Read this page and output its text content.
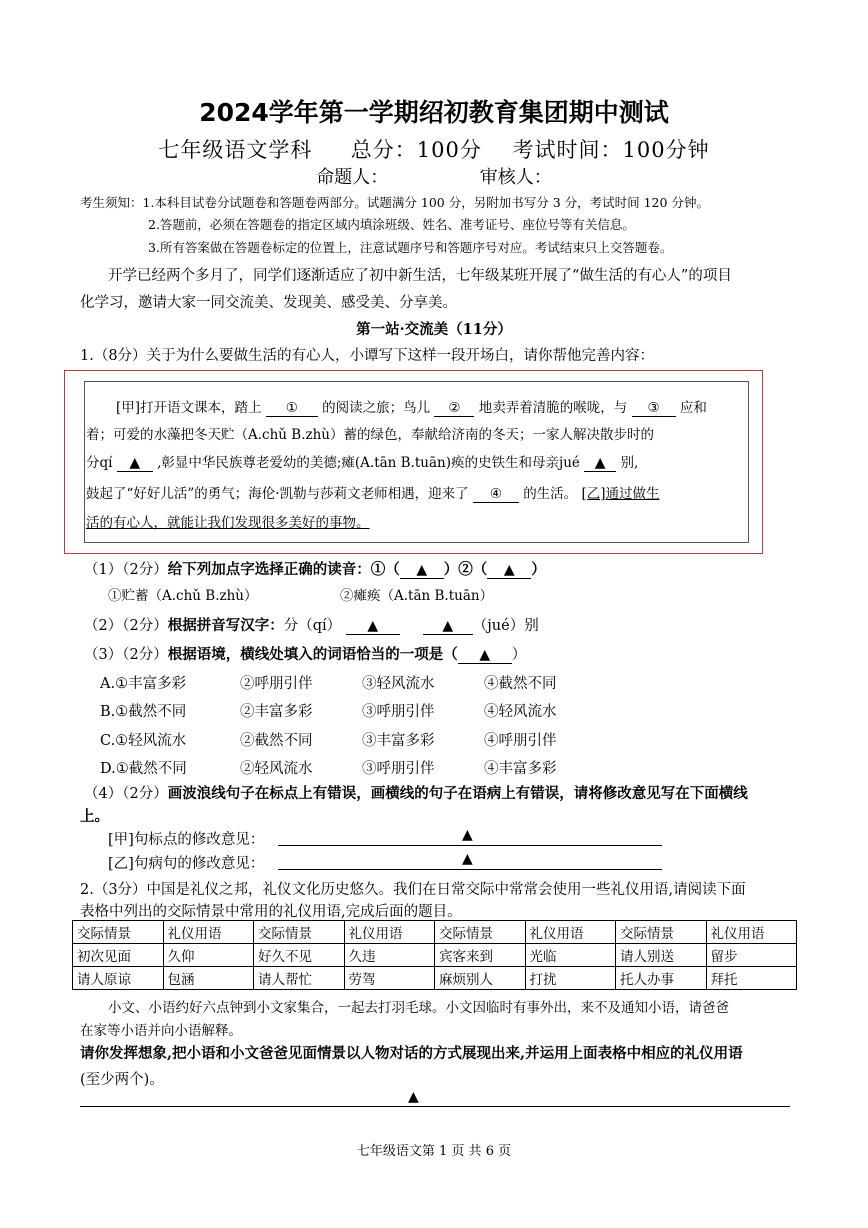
2024学年第一学期绍初教育集团期中测试
七年级语文学科     总分：100分    考试时间：100分钟
命题人：                审核人：
考生须知：1.本科目试卷分试题卷和答题卷两部分。试题满分 100 分，另附加书写分 3 分，考试时间 120 分钟。
2.答题前，必须在答题卷的指定区域内填涂班级、姓名、准考证号、座位号等有关信息。
3.所有答案做在答题卷标定的位置上，注意试题序号和答题序号对应。考试结束只上交答题卷。
开学已经两个多月了，同学们逐渐适应了初中新生活，七年级某班开展了“做生活的有心人”的项目
化学习，邀请大家一同交流美、发现美、感受美、分享美。
第一站·交流美（11分）
1.（8分）关于为什么要做生活的有心人，小谭写下这样一段开场白，请你帮他完善内容：
[甲]打开语文课本，踏上 ① 的阅读之旅；鸟儿 ② 地卖弄着清脆的喉咙，与 ③ 应和
着；可爱的水藻把冬天贮（A.chǔ B.zhù）蓄的绿色，奉献给济南的冬天；一家人解决散步时的
分qí ▲ ,彰显中华民族尊老爱幼的美德;瘫(A.tān B.tuān)痪的史铁生和母亲jué ▲ 别,
鼓起了“好好儿活”的勇气；海伦·凯勒与莎莉文老师相遇，迎来了 ④ 的生活。 [乙]通过做生
活的有心人，就能让我们发现很多美好的事物。
（1）（2分）给下列加点字选择正确的读音：①（ ▲ ）②（ ▲ ）
①贮蓄（A.chǔ B.zhù）	②瘫痪（A.tān B.tuān）
（2）（2分）根据拼音写汉字：分（qí） ▲	▲ （jué）别
（3）（2分）根据语境，横线处填入的词语恰当的一项是（ ▲ ）
A.①丰富多彩	②呼朋引伴	③轻风流水	④截然不同
B.①截然不同	②丰富多彩	③呼朋引伴	④轻风流水
C.①轻风流水	②截然不同	③丰富多彩	④呼朋引伴
D.①截然不同	②轻风流水	③呼朋引伴	④丰富多彩
（4）（2分）画波浪线句子在标点上有错误，画横线的句子在语病上有错误，请将修改意见写在下面横线
上。
[甲]句标点的修改意见：	▲
[乙]句病句的修改意见：	▲
2.（3分）中国是礼仪之邦，礼仪文化历史悠久。我们在日常交际中常常会使用一些礼仪用语,请阅读下面
表格中列出的交际情景中常用的礼仪用语,完成后面的题目。
交际情景	礼仪用语	交际情景	礼仪用语	交际情景	礼仪用语	交际情景	礼仪用语
初次见面	久仰	好久不见	久违	宾客来到	光临	请人别送	留步
请人原谅	包涵	请人帮忙	劳驾	麻烦别人	打扰	托人办事	拜托
小文、小语约好六点钟到小文家集合，一起去打羽毛球。小文因临时有事外出，来不及通知小语，请爸爸
在家等小语并向小语解释。
请你发挥想象,把小语和小文爸爸见面情景以人物对话的方式展现出来,并运用上面表格中相应的礼仪用语
(至少两个)。
▲
七年级语文第 1 页 共 6 页
